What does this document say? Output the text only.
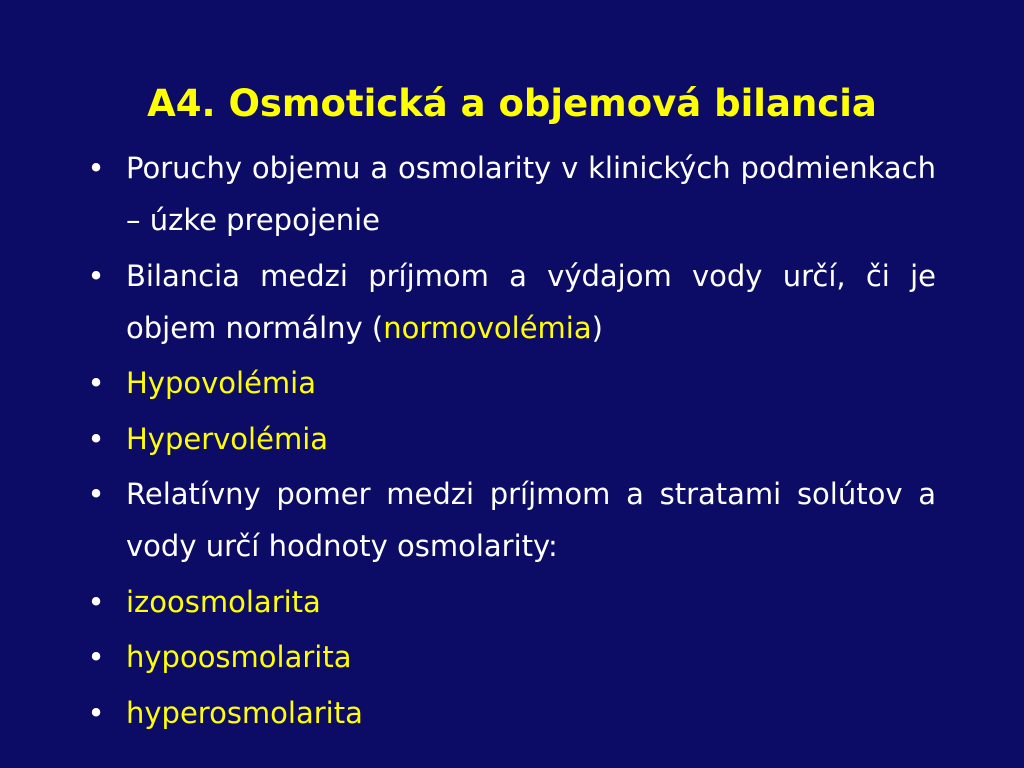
A4. Osmotická a objemová bilancia
• Poruchy objemu a osmolarity v klinických podmienkach – úzke prepojenie
• Bilancia medzi príjmom a výdajom vody určí, či je objem normálny (normovolémia)
• Hypovolémia
• Hypervolémia
• Relatívny pomer medzi príjmom a stratami solútov a vody určí hodnoty osmolarity:
• izoosmolarita
• hypoosmolarita
• hyperosmolarita
